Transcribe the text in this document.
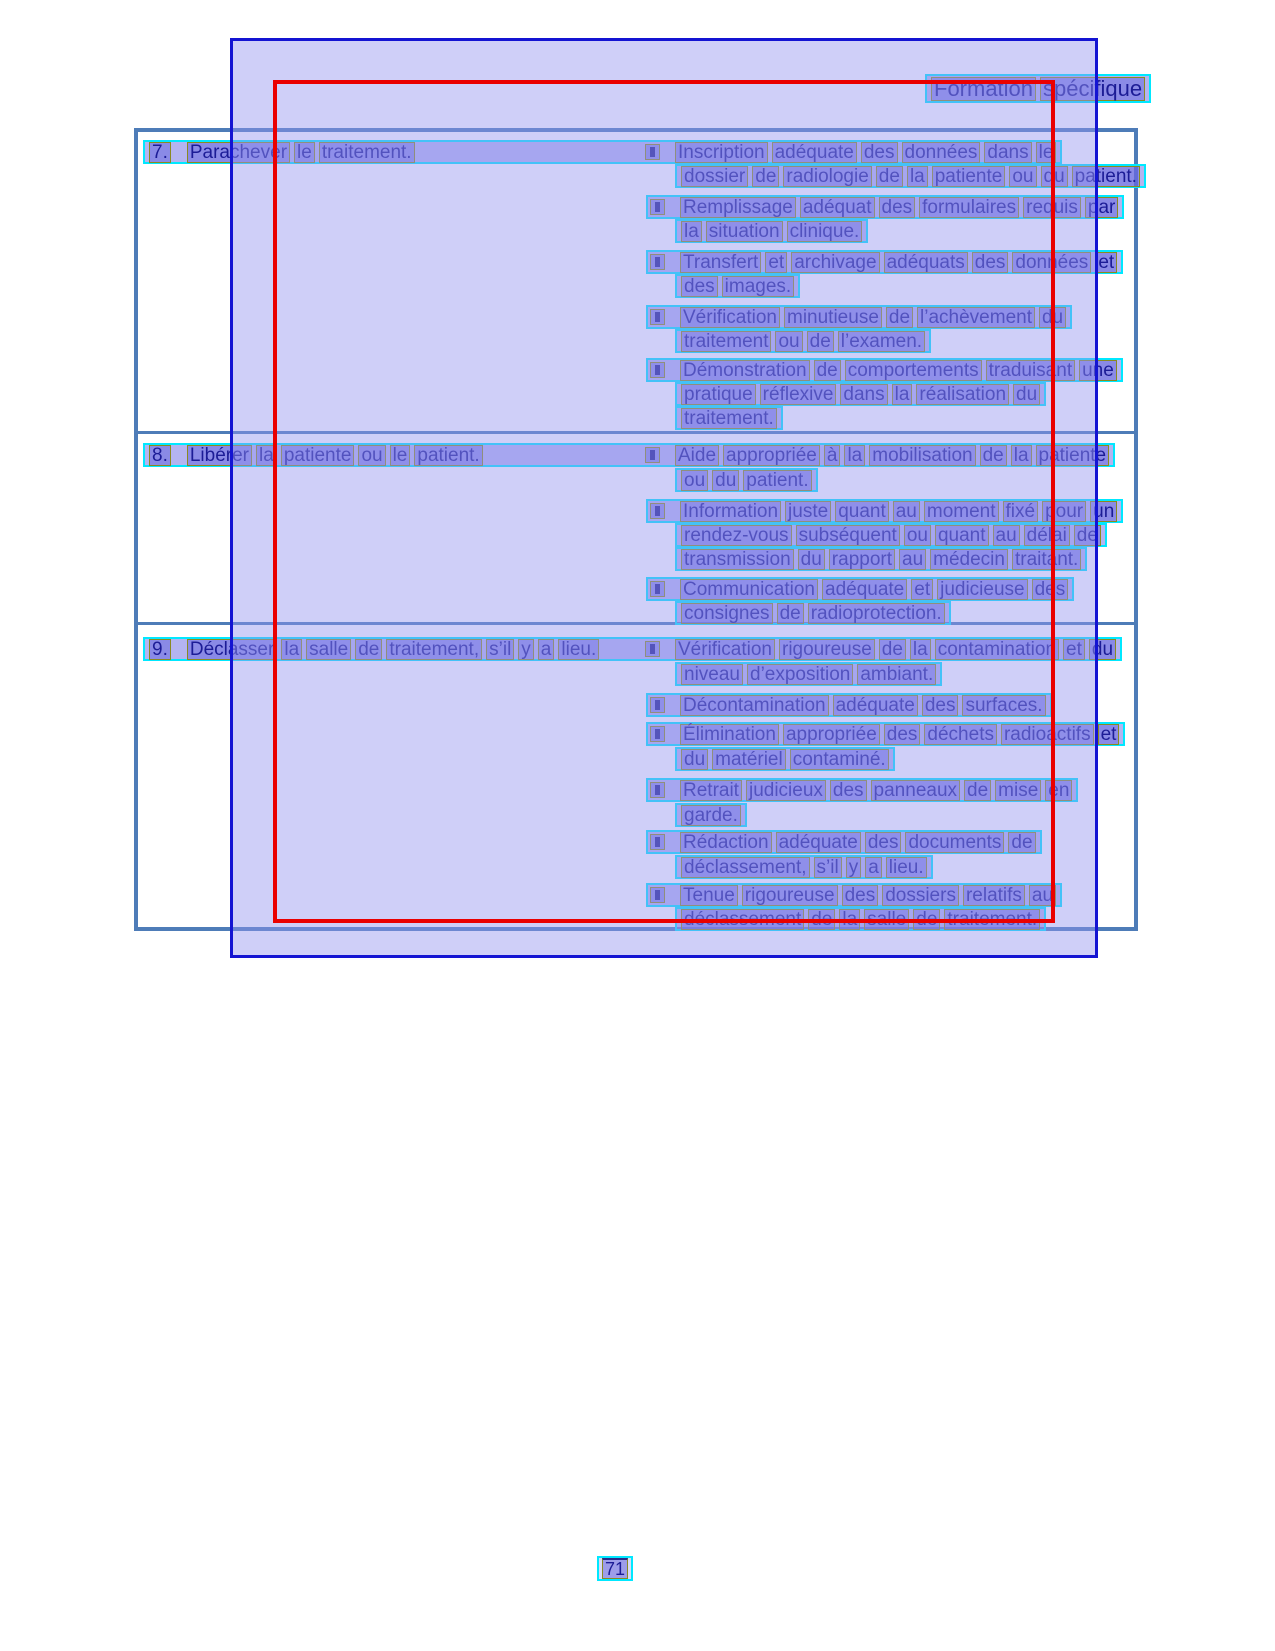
Formation spécifique
7. Parachever le traitement.	Inscription adéquate des données dans le
dossier de radiologie de la patiente ou du patient.
Remplissage adéquat des formulaires requis par
la situation clinique.
Transfert et archivage adéquats des données et
des images.
Vérification minutieuse de l’achèvement du
traitement ou de l’examen.
Démonstration de comportements traduisant une
pratique réflexive dans la réalisation du
traitement.
8. Libérer la patiente ou le patient.	Aide appropriée à la mobilisation de la patiente
ou du patient.
Information juste quant au moment fixé pour un
rendez-vous subséquent ou quant au délai de
transmission du rapport au médecin traitant.
Communication adéquate et judicieuse des
consignes de radioprotection.
9. Déclasser la salle de traitement, s’il y a lieu.	Vérification rigoureuse de la contamination et du
niveau d’exposition ambiant.
Décontamination adéquate des surfaces.
Élimination appropriée des déchets radioactifs et
du matériel contaminé.
Retrait judicieux des panneaux de mise en
garde.
Rédaction adéquate des documents de
déclassement, s’il y a lieu.
Tenue rigoureuse des dossiers relatifs au
déclassement de la salle de traitement.
71
